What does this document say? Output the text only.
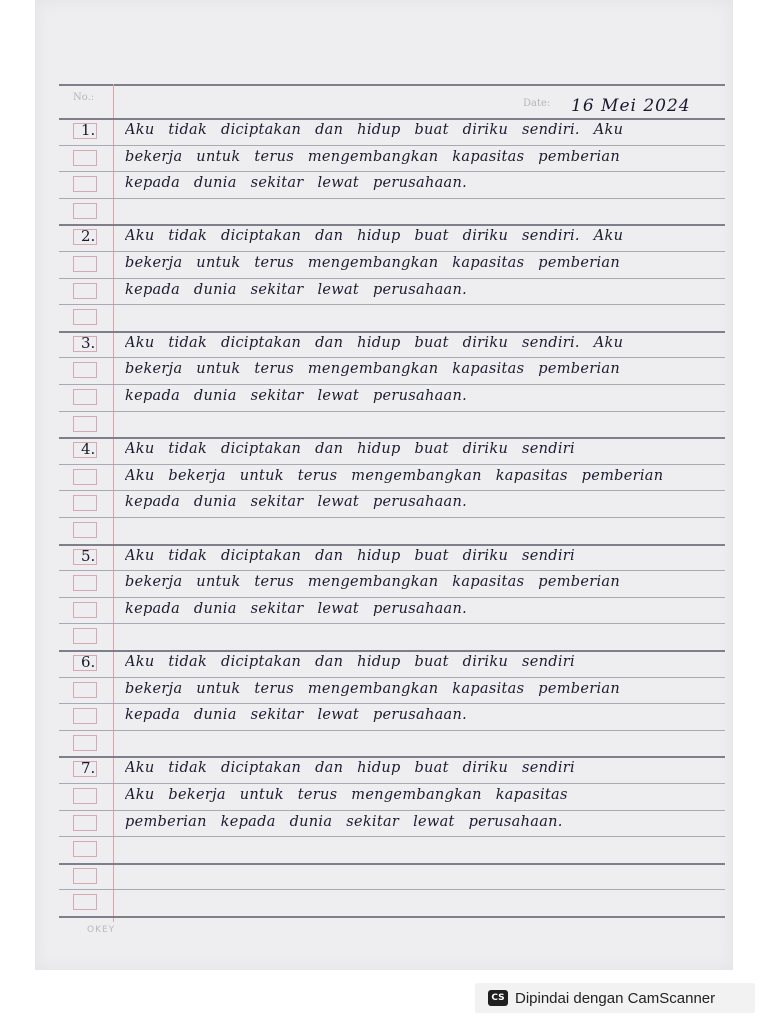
No.:
Date: 16 Mei 2024
1. Aku tidak diciptakan dan hidup buat diriku sendiri. Aku
bekerja untuk terus mengembangkan kapasitas pemberian
kepada dunia sekitar lewat perusahaan.
2. Aku tidak diciptakan dan hidup buat diriku sendiri. Aku
bekerja untuk terus mengembangkan kapasitas pemberian
kepada dunia sekitar lewat perusahaan.
3. Aku tidak diciptakan dan hidup buat diriku sendiri. Aku
bekerja untuk terus mengembangkan kapasitas pemberian
kepada dunia sekitar lewat perusahaan.
4. Aku tidak diciptakan dan hidup buat diriku sendiri
Aku bekerja untuk terus mengembangkan kapasitas pemberian
kepada dunia sekitar lewat perusahaan.
5. Aku tidak diciptakan dan hidup buat diriku sendiri
bekerja untuk terus mengembangkan kapasitas pemberian
kepada dunia sekitar lewat perusahaan.
6. Aku tidak diciptakan dan hidup buat diriku sendiri
bekerja untuk terus mengembangkan kapasitas pemberian
kepada dunia sekitar lewat perusahaan.
7. Aku tidak diciptakan dan hidup buat diriku sendiri
Aku bekerja untuk terus mengembangkan kapasitas
pemberian kepada dunia sekitar lewat perusahaan.
OKEY
CS Dipindai dengan CamScanner
